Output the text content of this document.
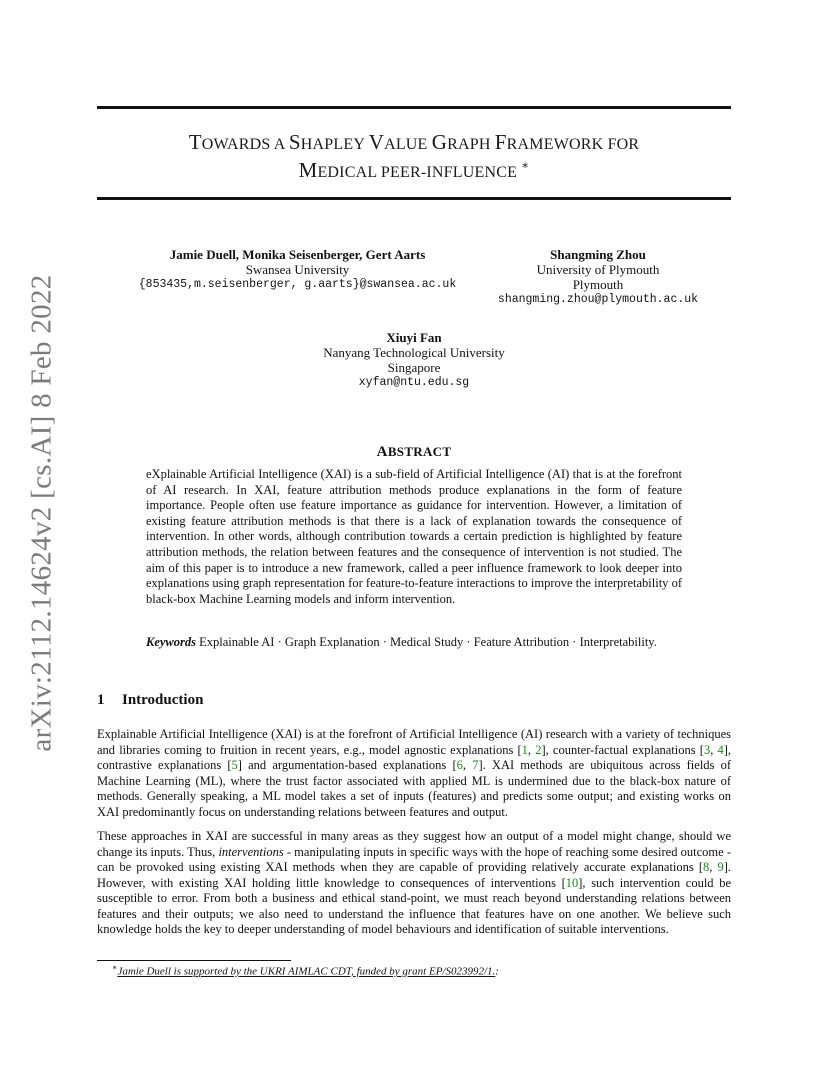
arXiv:2112.14624v2 [cs.AI] 8 Feb 2022
TOWARDS A SHAPLEY VALUE GRAPH FRAMEWORK FOR
MEDICAL PEER-INFLUENCE ∗
Jamie Duell, Monika Seisenberger, Gert Aarts
Swansea University
{853435,m.seisenberger, g.aarts}@swansea.ac.uk
Shangming Zhou
University of Plymouth
Plymouth
shangming.zhou@plymouth.ac.uk
Xiuyi Fan
Nanyang Technological University
Singapore
xyfan@ntu.edu.sg
ABSTRACT
eXplainable Artificial Intelligence (XAI) is a sub-field of Artificial Intelligence (AI) that is at the forefront of AI research. In XAI, feature attribution methods produce explanations in the form of feature importance. People often use feature importance as guidance for intervention. However, a limitation of existing feature attribution methods is that there is a lack of explanation towards the consequence of intervention. In other words, although contribution towards a certain prediction is highlighted by feature attribution methods, the relation between features and the consequence of intervention is not studied. The aim of this paper is to introduce a new framework, called a peer influence framework to look deeper into explanations using graph representation for feature-to-feature interactions to improve the interpretability of black-box Machine Learning models and inform intervention.
Keywords Explainable AI · Graph Explanation · Medical Study · Feature Attribution · Interpretability.
1 Introduction
Explainable Artificial Intelligence (XAI) is at the forefront of Artificial Intelligence (AI) research with a variety of techniques and libraries coming to fruition in recent years, e.g., model agnostic explanations [1, 2], counter-factual explanations [3, 4], contrastive explanations [5] and argumentation-based explanations [6, 7]. XAI methods are ubiquitous across fields of Machine Learning (ML), where the trust factor associated with applied ML is undermined due to the black-box nature of methods. Generally speaking, a ML model takes a set of inputs (features) and predicts some output; and existing works on XAI predominantly focus on understanding relations between features and output.
These approaches in XAI are successful in many areas as they suggest how an output of a model might change, should we change its inputs. Thus, interventions - manipulating inputs in specific ways with the hope of reaching some desired outcome - can be provoked using existing XAI methods when they are capable of providing relatively accurate explanations [8, 9]. However, with existing XAI holding little knowledge to consequences of interventions [10], such intervention could be susceptible to error. From both a business and ethical stand-point, we must reach beyond understanding relations between features and their outputs; we also need to understand the influence that features have on one another. We believe such knowledge holds the key to deeper understanding of model behaviours and identification of suitable interventions.
∗Jamie Duell is supported by the UKRI AIMLAC CDT, funded by grant EP/S023992/1.:
